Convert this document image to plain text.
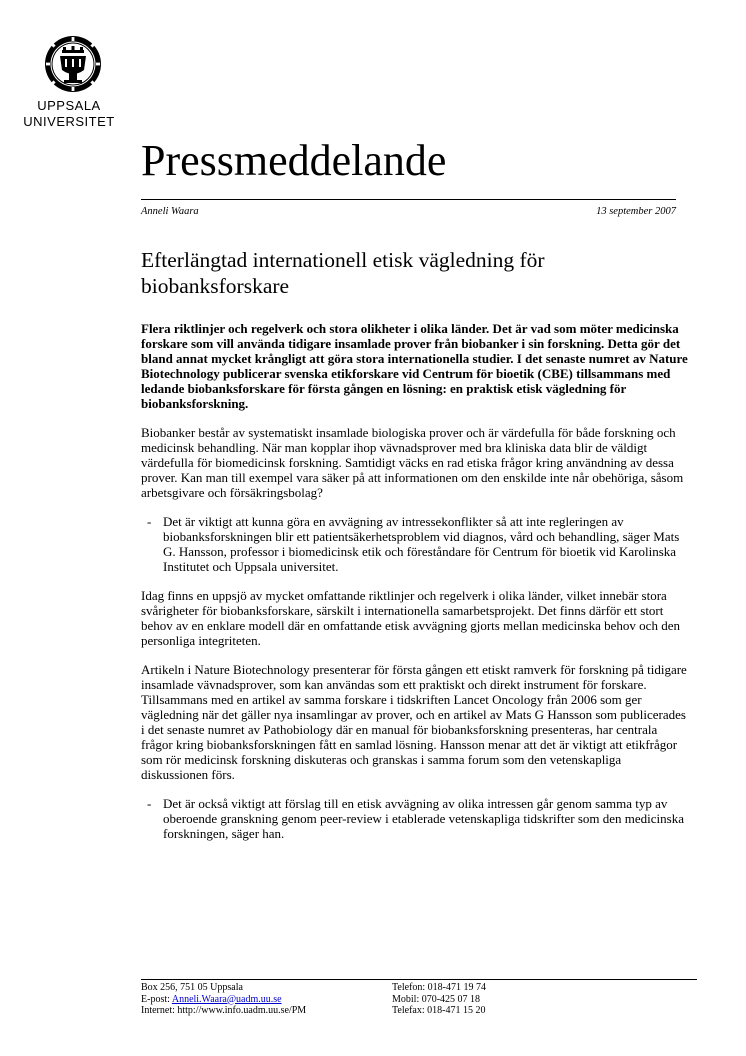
UPPSALA
UNIVERSITET
Pressmeddelande
Anneli Waara	13 september 2007
Efterlängtad internationell etisk vägledning för biobanksforskare

Flera riktlinjer och regelverk och stora olikheter i olika länder. Det är vad som möter medicinska forskare som vill använda tidigare insamlade prover från biobanker i sin forskning. Detta gör det bland annat mycket krångligt att göra stora internationella studier. I det senaste numret av Nature Biotechnology publicerar svenska etikforskare vid Centrum för bioetik (CBE) tillsammans med ledande biobanksforskare för första gången en lösning: en praktisk etisk vägledning för biobanksforskning.

Biobanker består av systematiskt insamlade biologiska prover och är värdefulla för både forskning och medicinsk behandling. När man kopplar ihop vävnadsprover med bra kliniska data blir de väldigt värdefulla för biomedicinsk forskning. Samtidigt väcks en rad etiska frågor kring användning av dessa prover. Kan man till exempel vara säker på att informationen om den enskilde inte når obehöriga, såsom arbetsgivare och försäkringsbolag?

- Det är viktigt att kunna göra en avvägning av intressekonflikter så att inte regleringen av biobanksforskningen blir ett patientsäkerhetsproblem vid diagnos, vård och behandling, säger Mats G. Hansson, professor i biomedicinsk etik och föreståndare för Centrum för bioetik vid Karolinska Institutet och Uppsala universitet.

Idag finns en uppsjö av mycket omfattande riktlinjer och regelverk i olika länder, vilket innebär stora svårigheter för biobanksforskare, särskilt i internationella samarbetsprojekt. Det finns därför ett stort behov av en enklare modell där en omfattande etisk avvägning gjorts mellan medicinska behov och den personliga integriteten.

Artikeln i Nature Biotechnology presenterar för första gången ett etiskt ramverk för forskning på tidigare insamlade vävnadsprover, som kan användas som ett praktiskt och direkt instrument för forskare. Tillsammans med en artikel av samma forskare i tidskriften Lancet Oncology från 2006 som ger vägledning när det gäller nya insamlingar av prover, och en artikel av Mats G Hansson som publicerades i det senaste numret av Pathobiology där en manual för biobanksforskning presenteras, har centrala frågor kring biobanksforskningen fått en samlad lösning. Hansson menar att det är viktigt att etikfrågor som rör medicinsk forskning diskuteras och granskas i samma forum som den vetenskapliga diskussionen förs.

- Det är också viktigt att förslag till en etisk avvägning av olika intressen går genom samma typ av oberoende granskning genom peer-review i etablerade vetenskapliga tidskrifter som den medicinska forskningen, säger han.
Box 256, 751 05 Uppsala
E-post: Anneli.Waara@uadm.uu.se
Internet: http://www.info.uadm.uu.se/PM
Telefon: 018-471 19 74
Mobil: 070-425 07 18
Telefax: 018-471 15 20
